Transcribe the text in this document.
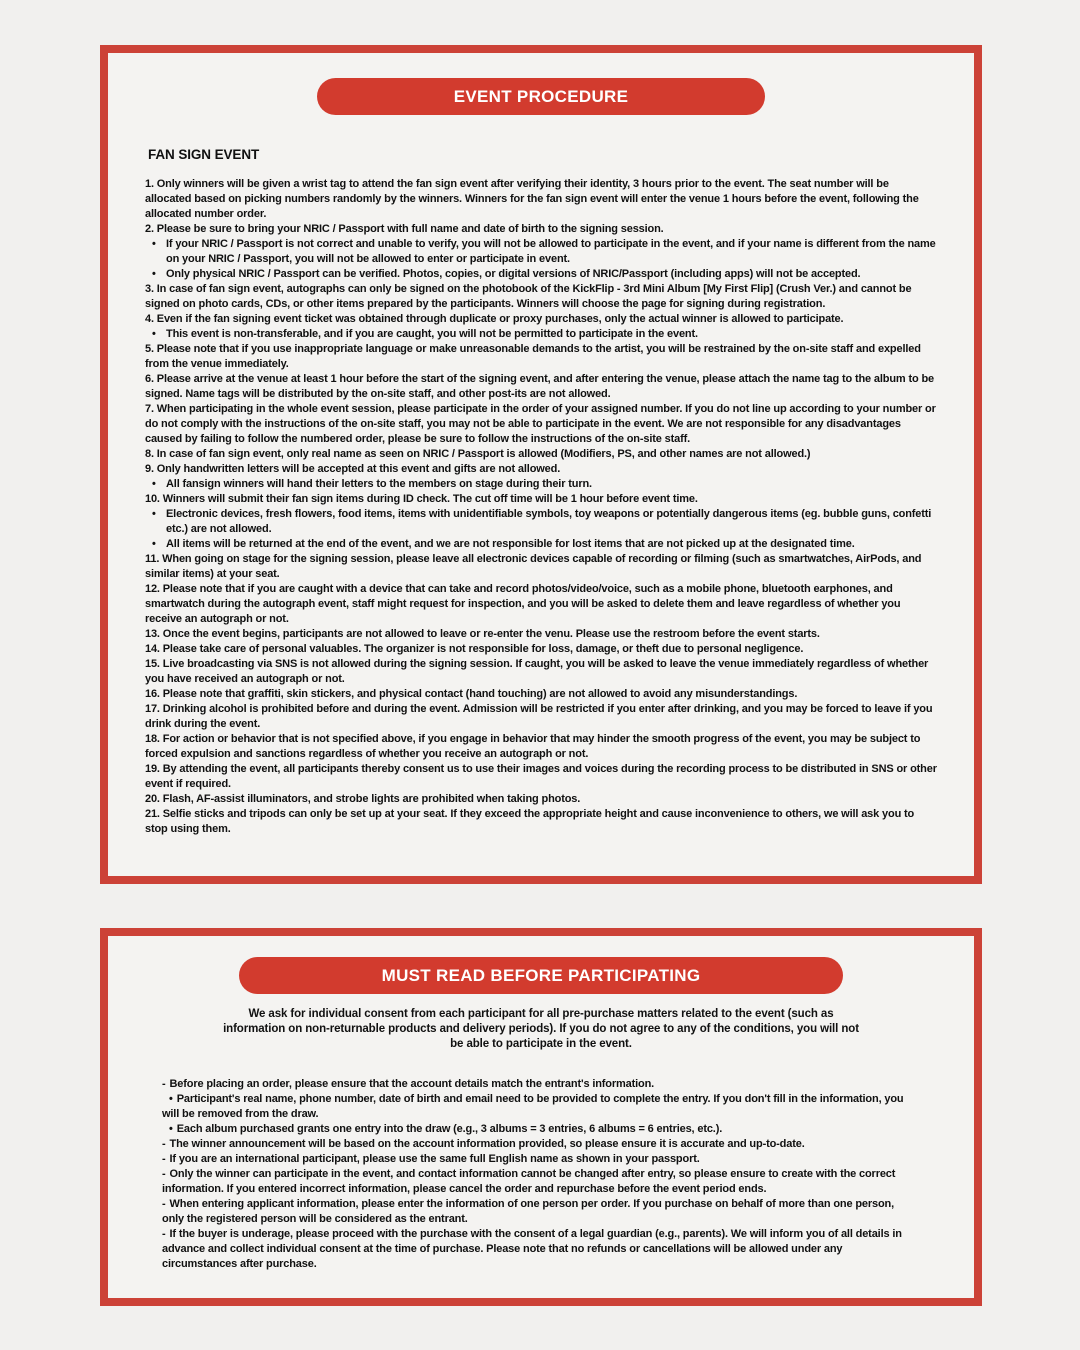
EVENT PROCEDURE
FAN SIGN EVENT

1. Only winners will be given a wrist tag to attend the fan sign event after verifying their identity, 3 hours prior to the event. The seat number will be allocated based on picking numbers randomly by the winners. Winners for the fan sign event will enter the venue 1 hours before the event, following the allocated number order.

2. Please be sure to bring your NRIC / Passport with full name and date of birth to the signing session.

• If your NRIC / Passport is not correct and unable to verify, you will not be allowed to participate in the event, and if your name is different from the name on your NRIC / Passport, you will not be allowed to enter or participate in event.

• Only physical NRIC / Passport can be verified. Photos, copies, or digital versions of NRIC/Passport (including apps) will not be accepted.

3. In case of fan sign event, autographs can only be signed on the photobook of the KickFlip - 3rd Mini Album [My First Flip] (Crush Ver.) and cannot be signed on photo cards, CDs, or other items prepared by the participants. Winners will choose the page for signing during registration.

4. Even if the fan signing event ticket was obtained through duplicate or proxy purchases, only the actual winner is allowed to participate.

• This event is non-transferable, and if you are caught, you will not be permitted to participate in the event.

5. Please note that if you use inappropriate language or make unreasonable demands to the artist, you will be restrained by the on-site staff and expelled from the venue immediately.

6. Please arrive at the venue at least 1 hour before the start of the signing event, and after entering the venue, please attach the name tag to the album to be signed. Name tags will be distributed by the on-site staff, and other post-its are not allowed.

7. When participating in the whole event session, please participate in the order of your assigned number. If you do not line up according to your number or do not comply with the instructions of the on-site staff, you may not be able to participate in the event. We are not responsible for any disadvantages caused by failing to follow the numbered order, please be sure to follow the instructions of the on-site staff.

8. In case of fan sign event, only real name as seen on NRIC / Passport is allowed (Modifiers, PS, and other names are not allowed.)

9. Only handwritten letters will be accepted at this event and gifts are not allowed.

• All fansign winners will hand their letters to the members on stage during their turn.

10. Winners will submit their fan sign items during ID check. The cut off time will be 1 hour before event time.

• Electronic devices, fresh flowers, food items, items with unidentifiable symbols, toy weapons or potentially dangerous items (eg. bubble guns, confetti etc.) are not allowed.

• All items will be returned at the end of the event, and we are not responsible for lost items that are not picked up at the designated time.

11. When going on stage for the signing session, please leave all electronic devices capable of recording or filming (such as smartwatches, AirPods, and similar items) at your seat.

12. Please note that if you are caught with a device that can take and record photos/video/voice, such as a mobile phone, bluetooth earphones, and smartwatch during the autograph event, staff might request for inspection, and you will be asked to delete them and leave regardless of whether you receive an autograph or not.

13. Once the event begins, participants are not allowed to leave or re-enter the venu. Please use the restroom before the event starts.

14. Please take care of personal valuables. The organizer is not responsible for loss, damage, or theft due to personal negligence.

15. Live broadcasting via SNS is not allowed during the signing session. If caught, you will be asked to leave the venue immediately regardless of whether you have received an autograph or not.

16. Please note that graffiti, skin stickers, and physical contact (hand touching) are not allowed to avoid any misunderstandings.

17. Drinking alcohol is prohibited before and during the event. Admission will be restricted if you enter after drinking, and you may be forced to leave if you drink during the event.

18. For action or behavior that is not specified above, if you engage in behavior that may hinder the smooth progress of the event, you may be subject to forced expulsion and sanctions regardless of whether you receive an autograph or not.

19. By attending the event, all participants thereby consent us to use their images and voices during the recording process to be distributed in SNS or other event if required.

20. Flash, AF-assist illuminators, and strobe lights are prohibited when taking photos.

21. Selfie sticks and tripods can only be set up at your seat. If they exceed the appropriate height and cause inconvenience to others, we will ask you to stop using them.

MUST READ BEFORE PARTICIPATING

We ask for individual consent from each participant for all pre-purchase matters related to the event (such as information on non-returnable products and delivery periods). If you do not agree to any of the conditions, you will not be able to participate in the event.

- Before placing an order, please ensure that the account details match the entrant's information.

• Participant's real name, phone number, date of birth and email need to be provided to complete the entry. If you don't fill in the information, you will be removed from the draw.

• Each album purchased grants one entry into the draw (e.g., 3 albums = 3 entries, 6 albums = 6 entries, etc.).

- The winner announcement will be based on the account information provided, so please ensure it is accurate and up-to-date.

- If you are an international participant, please use the same full English name as shown in your passport.

- Only the winner can participate in the event, and contact information cannot be changed after entry, so please ensure to create with the correct information. If you entered incorrect information, please cancel the order and repurchase before the event period ends.

- When entering applicant information, please enter the information of one person per order. If you purchase on behalf of more than one person, only the registered person will be considered as the entrant.

- If the buyer is underage, please proceed with the purchase with the consent of a legal guardian (e.g., parents). We will inform you of all details in advance and collect individual consent at the time of purchase. Please note that no refunds or cancellations will be allowed under any circumstances after purchase.
